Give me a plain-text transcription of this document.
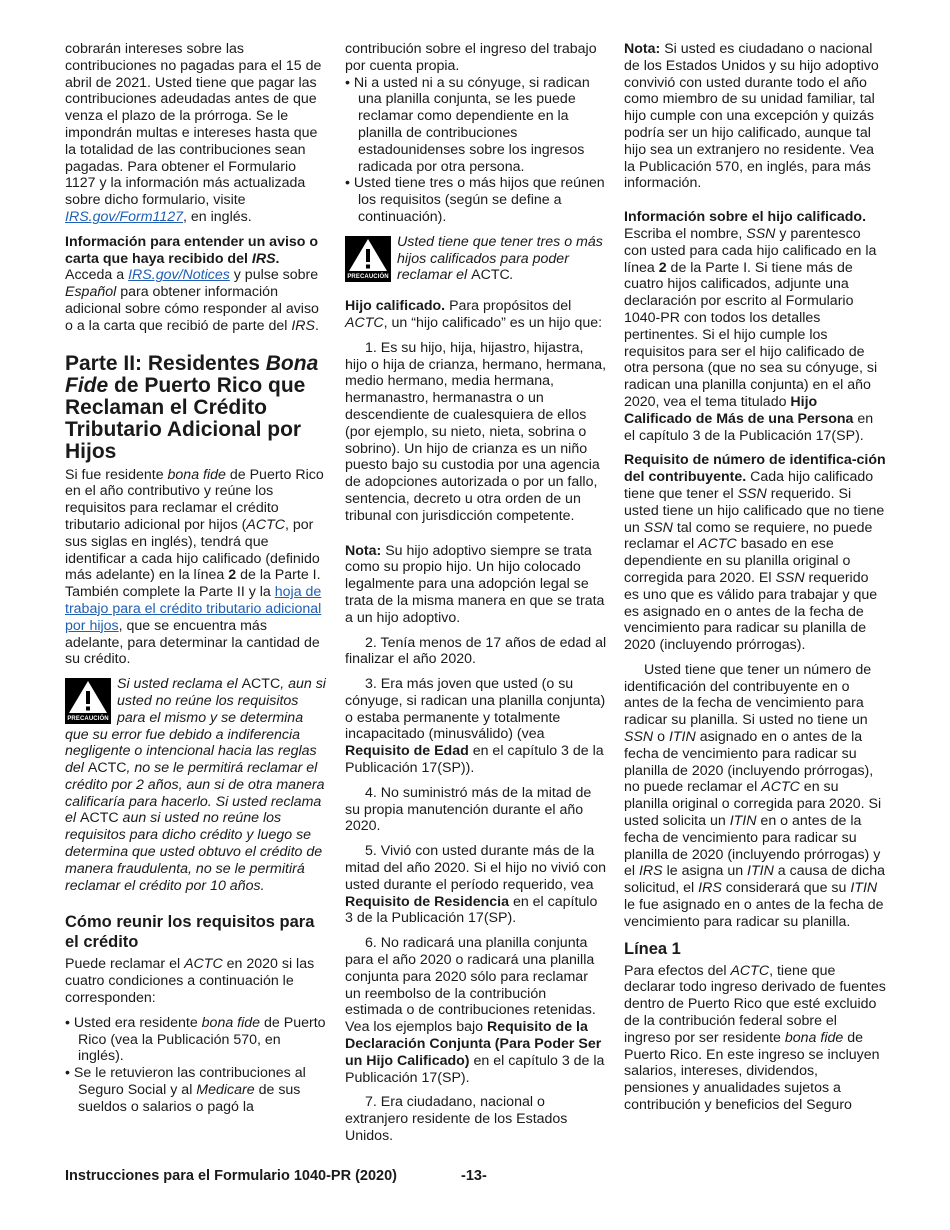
cobrarán intereses sobre las contribuciones no pagadas para el 15 de abril de 2021. Usted tiene que pagar las contribuciones adeudadas antes de que venza el plazo de la prórroga. Se le impondrán multas e intereses hasta que la totalidad de las contribuciones sean pagadas. Para obtener el Formulario 1127 y la información más actualizada sobre dicho formulario, visite IRS.gov/Form1127, en inglés.

Información para entender un aviso o carta que haya recibido del IRS. Acceda a IRS.gov/Notices y pulse sobre Español para obtener información adicional sobre cómo responder al aviso o a la carta que recibió de parte del IRS.

Parte II: Residentes Bona Fide de Puerto Rico que Reclaman el Crédito Tributario Adicional por Hijos

Si fue residente bona fide de Puerto Rico en el año contributivo y reúne los requisitos para reclamar el crédito tributario adicional por hijos (ACTC, por sus siglas en inglés), tendrá que identificar a cada hijo calificado (definido más adelante) en la línea 2 de la Parte I. También complete la Parte II y la hoja de trabajo para el crédito tributario adicional por hijos, que se encuentra más adelante, para determinar la cantidad de su crédito.

PRECAUCIÓN
Si usted reclama el ACTC, aun si usted no reúne los requisitos para el mismo y se determina que su error fue debido a indiferencia negligente o intencional hacia las reglas del ACTC, no se le permitirá reclamar el crédito por 2 años, aun si de otra manera calificaría para hacerlo. Si usted reclama el ACTC aun si usted no reúne los requisitos para dicho crédito y luego se determina que usted obtuvo el crédito de manera fraudulenta, no se le permitirá reclamar el crédito por 10 años.
Cómo reunir los requisitos para el crédito

Puede reclamar el ACTC en 2020 si las cuatro condiciones a continuación le corresponden:

• Usted era residente bona fide de Puerto Rico (vea la Publicación 570, en inglés).

• Se le retuvieron las contribuciones al Seguro Social y al Medicare de sus sueldos o salarios o pagó la

contribución sobre el ingreso del trabajo por cuenta propia.

• Ni a usted ni a su cónyuge, si radican una planilla conjunta, se les puede reclamar como dependiente en la planilla de contribuciones estadounidenses sobre los ingresos radicada por otra persona.

• Usted tiene tres o más hijos que reúnen los requisitos (según se define a continuación).

PRECAUCIÓN
Usted tiene que tener tres o más hijos calificados para poder reclamar el ACTC.

Hijo calificado. Para propósitos del ACTC, un “hijo calificado” es un hijo que:

1. Es su hijo, hija, hijastro, hijastra, hijo o hija de crianza, hermano, hermana, medio hermano, media hermana, hermanastro, hermanastra o un descendiente de cualesquiera de ellos (por ejemplo, su nieto, nieta, sobrina o sobrino). Un hijo de crianza es un niño puesto bajo su custodia por una agencia de adopciones autorizada o por un fallo, sentencia, decreto u otra orden de un tribunal con jurisdicción competente.

Nota: Su hijo adoptivo siempre se trata como su propio hijo. Un hijo colocado legalmente para una adopción legal se trata de la misma manera en que se trata a un hijo adoptivo.

2. Tenía menos de 17 años de edad al finalizar el año 2020.

3. Era más joven que usted (o su cónyuge, si radican una planilla conjunta) o estaba permanente y totalmente incapacitado (minusválido) (vea Requisito de Edad en el capítulo 3 de la Publicación 17(SP)).

4. No suministró más de la mitad de su propia manutención durante el año 2020.

5. Vivió con usted durante más de la mitad del año 2020. Si el hijo no vivió con usted durante el período requerido, vea Requisito de Residencia en el capítulo 3 de la Publicación 17(SP).

6. No radicará una planilla conjunta para el año 2020 o radicará una planilla conjunta para 2020 sólo para reclamar un reembolso de la contribución estimada o de contribuciones retenidas. Vea los ejemplos bajo Requisito de la Declaración Conjunta (Para Poder Ser un Hijo Calificado) en el capítulo 3 de la Publicación 17(SP).

7. Era ciudadano, nacional o extranjero residente de los Estados Unidos.

Nota: Si usted es ciudadano o nacional de los Estados Unidos y su hijo adoptivo convivió con usted durante todo el año como miembro de su unidad familiar, tal hijo cumple con una excepción y quizás podría ser un hijo calificado, aunque tal hijo sea un extranjero no residente. Vea la Publicación 570, en inglés, para más información.

Información sobre el hijo calificado. Escriba el nombre, SSN y parentesco con usted para cada hijo calificado en la línea 2 de la Parte I. Si tiene más de cuatro hijos calificados, adjunte una declaración por escrito al Formulario 1040-PR con todos los detalles pertinentes. Si el hijo cumple los requisitos para ser el hijo calificado de otra persona (que no sea su cónyuge, si radican una planilla conjunta) en el año 2020, vea el tema titulado Hijo Calificado de Más de una Persona en el capítulo 3 de la Publicación 17(SP).

Requisito de número de identifica-ción del contribuyente. Cada hijo calificado tiene que tener el SSN requerido. Si usted tiene un hijo calificado que no tiene un SSN tal como se requiere, no puede reclamar el ACTC basado en ese dependiente en su planilla original o corregida para 2020. El SSN requerido es uno que es válido para trabajar y que es asignado en o antes de la fecha de vencimiento para radicar su planilla de 2020 (incluyendo prórrogas).

Usted tiene que tener un número de identificación del contribuyente en o antes de la fecha de vencimiento para radicar su planilla. Si usted no tiene un SSN o ITIN asignado en o antes de la fecha de vencimiento para radicar su planilla de 2020 (incluyendo prórrogas), no puede reclamar el ACTC en su planilla original o corregida para 2020. Si usted solicita un ITIN en o antes de la fecha de vencimiento para radicar su planilla de 2020 (incluyendo prórrogas) y el IRS le asigna un ITIN a causa de dicha solicitud, el IRS considerará que su ITIN le fue asignado en o antes de la fecha de vencimiento para radicar su planilla.

Línea 1

Para efectos del ACTC, tiene que declarar todo ingreso derivado de fuentes dentro de Puerto Rico que esté excluido de la contribución federal sobre el ingreso por ser residente bona fide de Puerto Rico. En este ingreso se incluyen salarios, intereses, dividendos, pensiones y anualidades sujetos a contribución y beneficios del Seguro

Instrucciones para el Formulario 1040-PR (2020)	-13-
